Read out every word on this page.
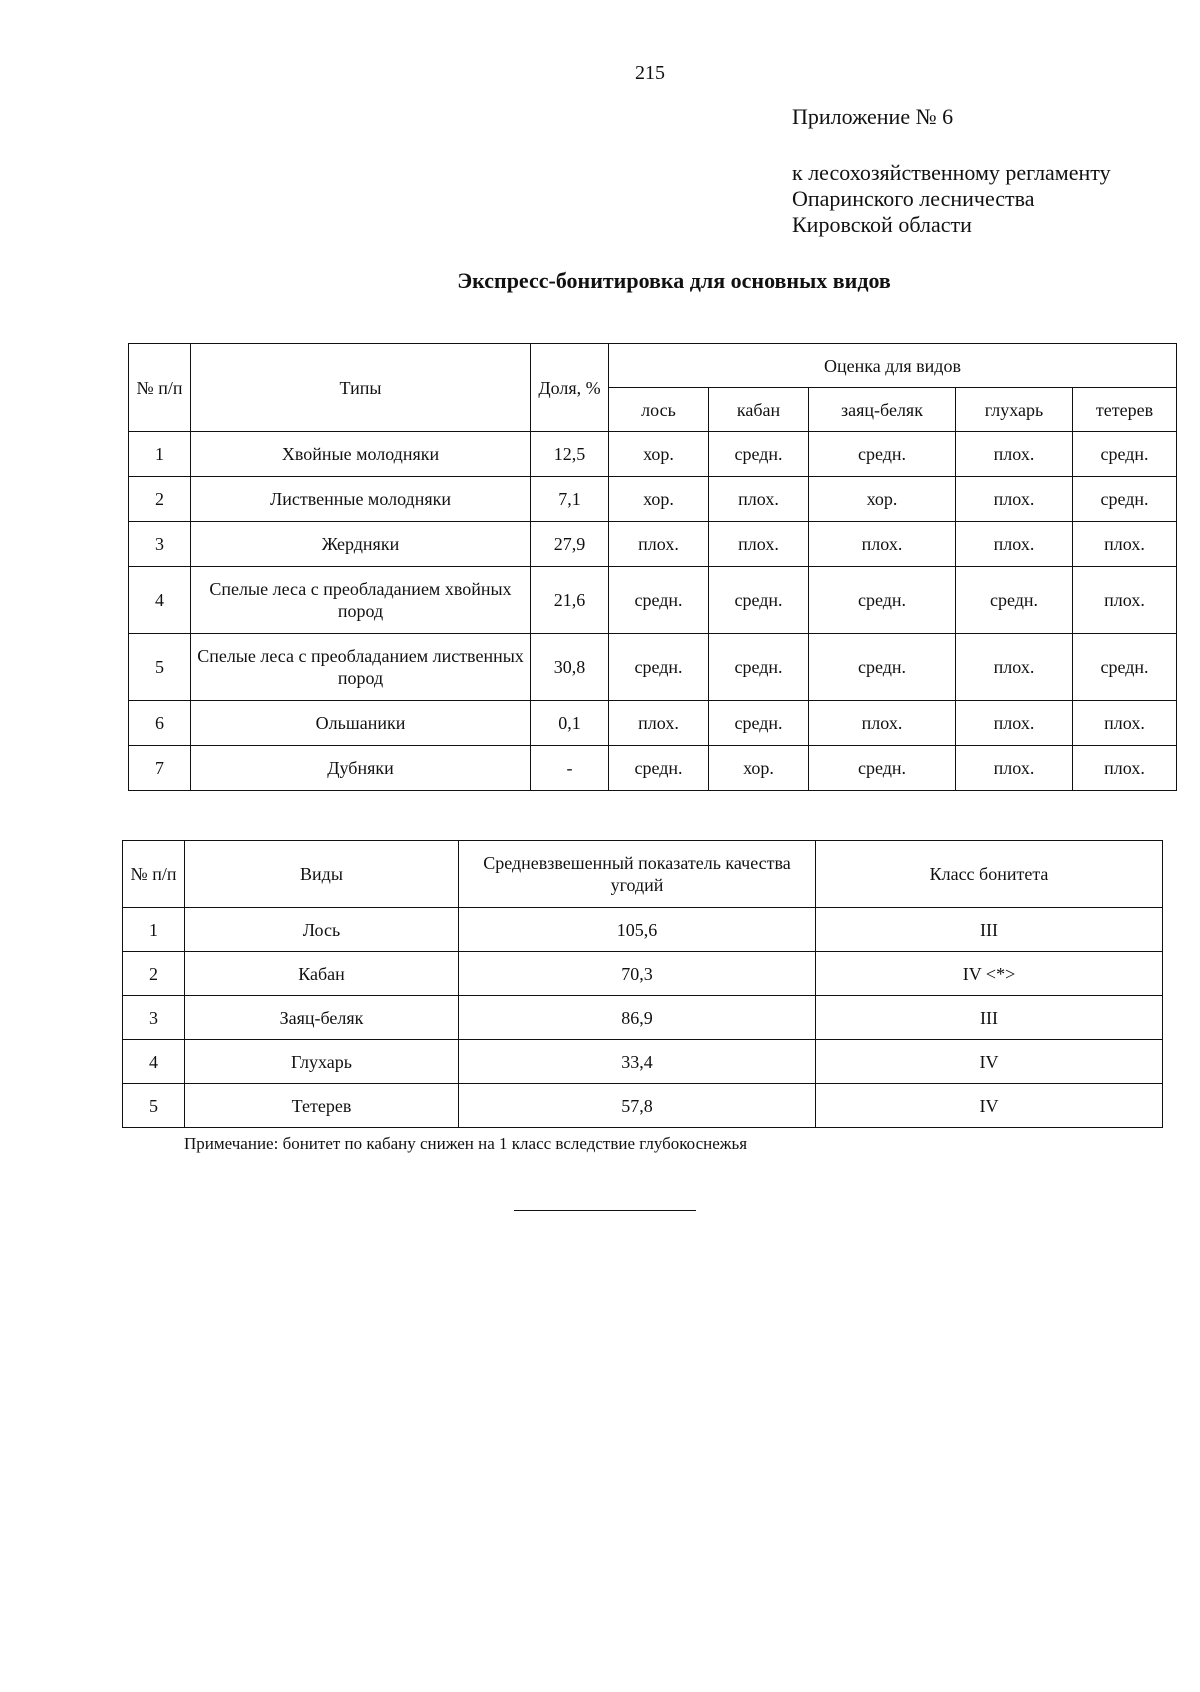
215
Приложение № 6
к лесохозяйственному регламенту
Опаринского лесничества
Кировской области
Экспресс-бонитировка для основных видов
№ п/п	Типы	Доля, %	Оценка для видов				
			лось	кабан	заяц-беляк	глухарь	тетерев
1	Хвойные молодняки	12,5	хор.	средн.	средн.	плох.	средн.
2	Лиственные молодняки	7,1	хор.	плох.	хор.	плох.	средн.
3	Жердняки	27,9	плох.	плох.	плох.	плох.	плох.
4	Спелые леса с преобладанием хвойных пород	21,6	средн.	средн.	средн.	средн.	плох.
5	Спелые леса с преобладанием лиственных пород	30,8	средн.	средн.	средн.	плох.	средн.
6	Ольшаники	0,1	плох.	средн.	плох.	плох.	плох.
7	Дубняки	-	средн.	хор.	средн.	плох.	плох.
№ п/п	Виды	Средневзвешенный показатель качества угодий	Класс бонитета
1	Лось	105,6	III
2	Кабан	70,3	IV <*>
3	Заяц-беляк	86,9	III
4	Глухарь	33,4	IV
5	Тетерев	57,8	IV
Примечание: бонитет по кабану снижен на 1 класс вследствие глубокоснежья
